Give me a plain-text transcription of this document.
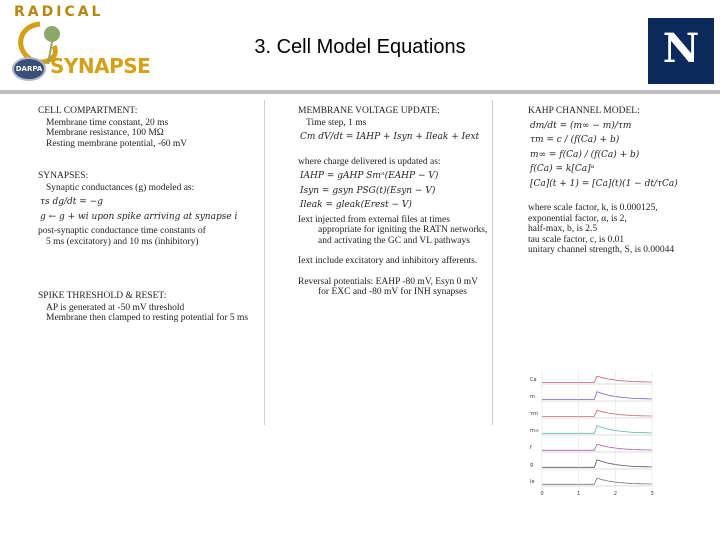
RADICAL
DARPA SYNAPSE
3. Cell Model Equations	N
CELL COMPARTMENT:
Membrane time constant, 20 ms
Membrane resistance, 100 MΩ
Resting membrane potential, -60 mV
SYNAPSES:
Synaptic conductances (g) modeled as:
τs dg/dt = −g
g ← g + wi upon spike arriving at synapse i
post-synaptic conductance time constants of
5 ms (excitatory) and 10 ms (inhibitory)
SPIKE THRESHOLD & RESET:
AP is generated at -50 mV threshold
Membrane then clamped to resting potential for 5 ms
MEMBRANE VOLTAGE UPDATE:
Time step, 1 ms
Cm dV/dt = IAHP + Isyn + Ileak + Iext
where charge delivered is updated as:
IAHP = gAHP Smⁿ(EAHP − V)
Isyn = gsyn PSG(t)(Esyn − V)
Ileak = gleak(Erest − V)
Iext injected from external files at times
appropriate for igniting the RATN networks,
and activating the GC and VL pathways
Iext include excitatory and inhibitory afferents.
Reversal potentials: EAHP -80 mV, Esyn 0 mV
for EXC and -80 mV for INH synapses
KAHP CHANNEL MODEL:
dm/dt = (m∞ − m)/τm
τm = c / (f(Ca) + b)
m∞ = f(Ca) / (f(Ca) + b)
f(Ca) = k[Ca]ᵅ
[Ca](t + 1) = [Ca](t)(1 − dt/τCa)
where scale factor, k, is 0.000125,
exponential factor, α, is 2,
half-max, b, is 2.5
tau scale factor, c, is 0.01
unitary channel strength, S, is 0.00044
Ca
m
τm
m∞
f
g
Ie
0	1	2	3
